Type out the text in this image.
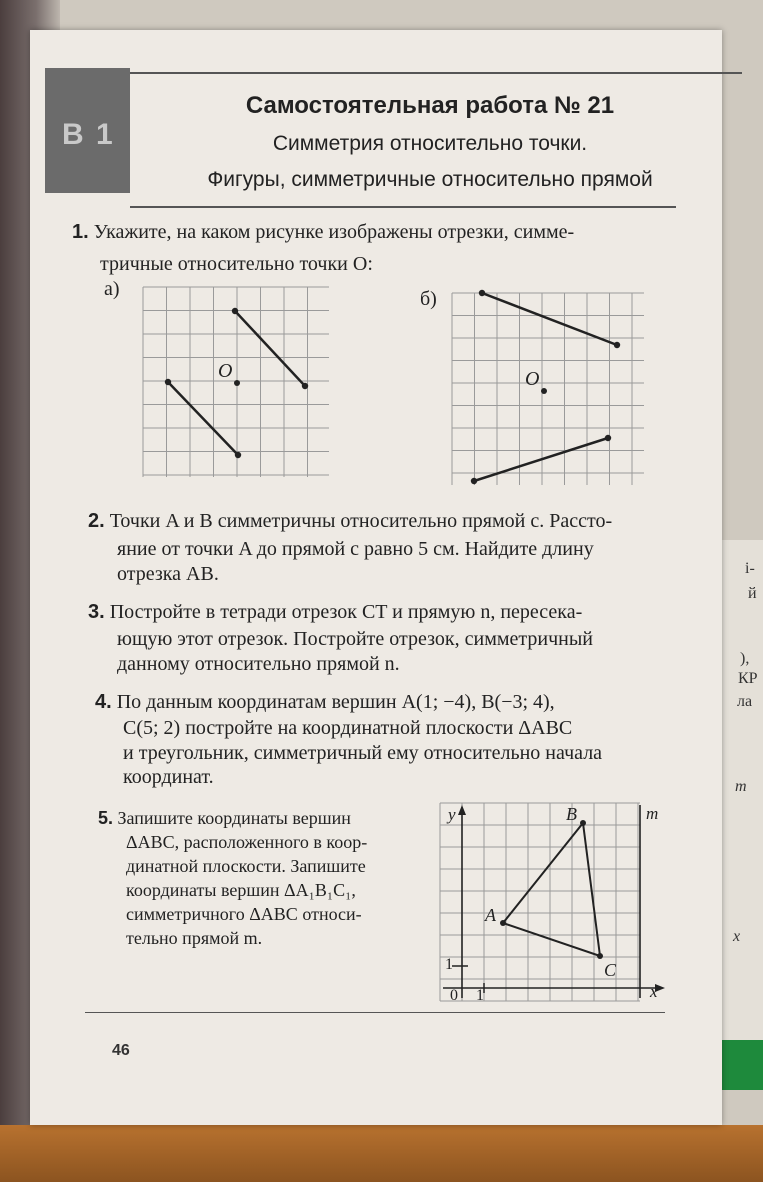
В 1
Самостоятельная работа № 21
Симметрия относительно точки.
Фигуры, симметричные относительно прямой
1. Укажите, на каком рисунке изображены отрезки, симме-
тричные относительно точки O:
а)	б)
O	O
2. Точки A и B симметричны относительно прямой c. Рассто-
яние от точки A до прямой c равно 5 см. Найдите длину
отрезка AB.
3. Постройте в тетради отрезок CT и прямую n, пересека-
ющую этот отрезок. Постройте отрезок, симметричный
данному относительно прямой n.
4. По данным координатам вершин A(1; −4), B(−3; 4),
C(5; 2) постройте на координатной плоскости ΔABC
и треугольник, симметричный ему относительно начала
координат.
5. Запишите координаты вершин
ΔABC, расположенного в коор-
динатной плоскости. Запишите
координаты вершин ΔA₁B₁C₁,
симметричного ΔABC относи-
тельно прямой m.
y
x
m
B
A
C
1
1
0
46
і-
й
),
КР
ла
m
x
